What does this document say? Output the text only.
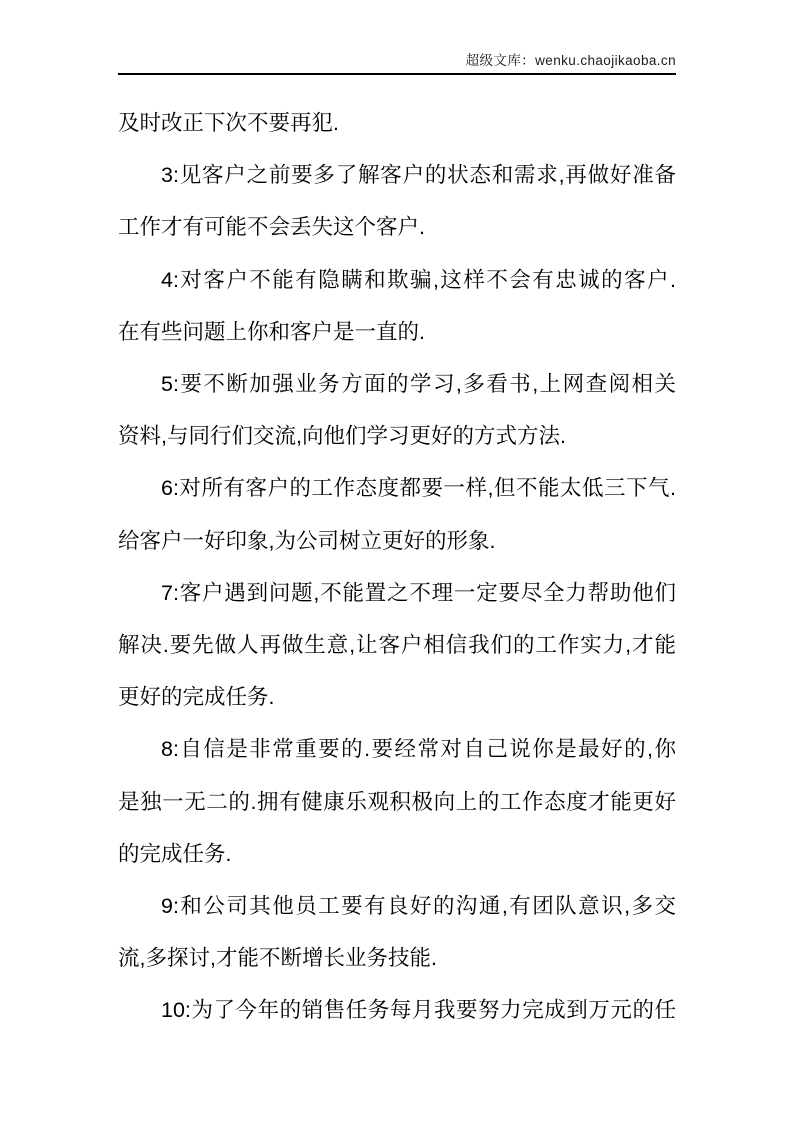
超级文库：wenku.chaojikaoba.cn
及时改正下次不要再犯.
3:见客户之前要多了解客户的状态和需求,再做好准备
工作才有可能不会丢失这个客户.
4:对客户不能有隐瞒和欺骗,这样不会有忠诚的客户.
在有些问题上你和客户是一直的.
5:要不断加强业务方面的学习,多看书,上网查阅相关
资料,与同行们交流,向他们学习更好的方式方法.
6:对所有客户的工作态度都要一样,但不能太低三下气.
给客户一好印象,为公司树立更好的形象.
7:客户遇到问题,不能置之不理一定要尽全力帮助他们
解决.要先做人再做生意,让客户相信我们的工作实力,才能
更好的完成任务.
8:自信是非常重要的.要经常对自己说你是最好的,你
是独一无二的.拥有健康乐观积极向上的工作态度才能更好
的完成任务.
9:和公司其他员工要有良好的沟通,有团队意识,多交
流,多探讨,才能不断增长业务技能.
10:为了今年的销售任务每月我要努力完成到万元的任
